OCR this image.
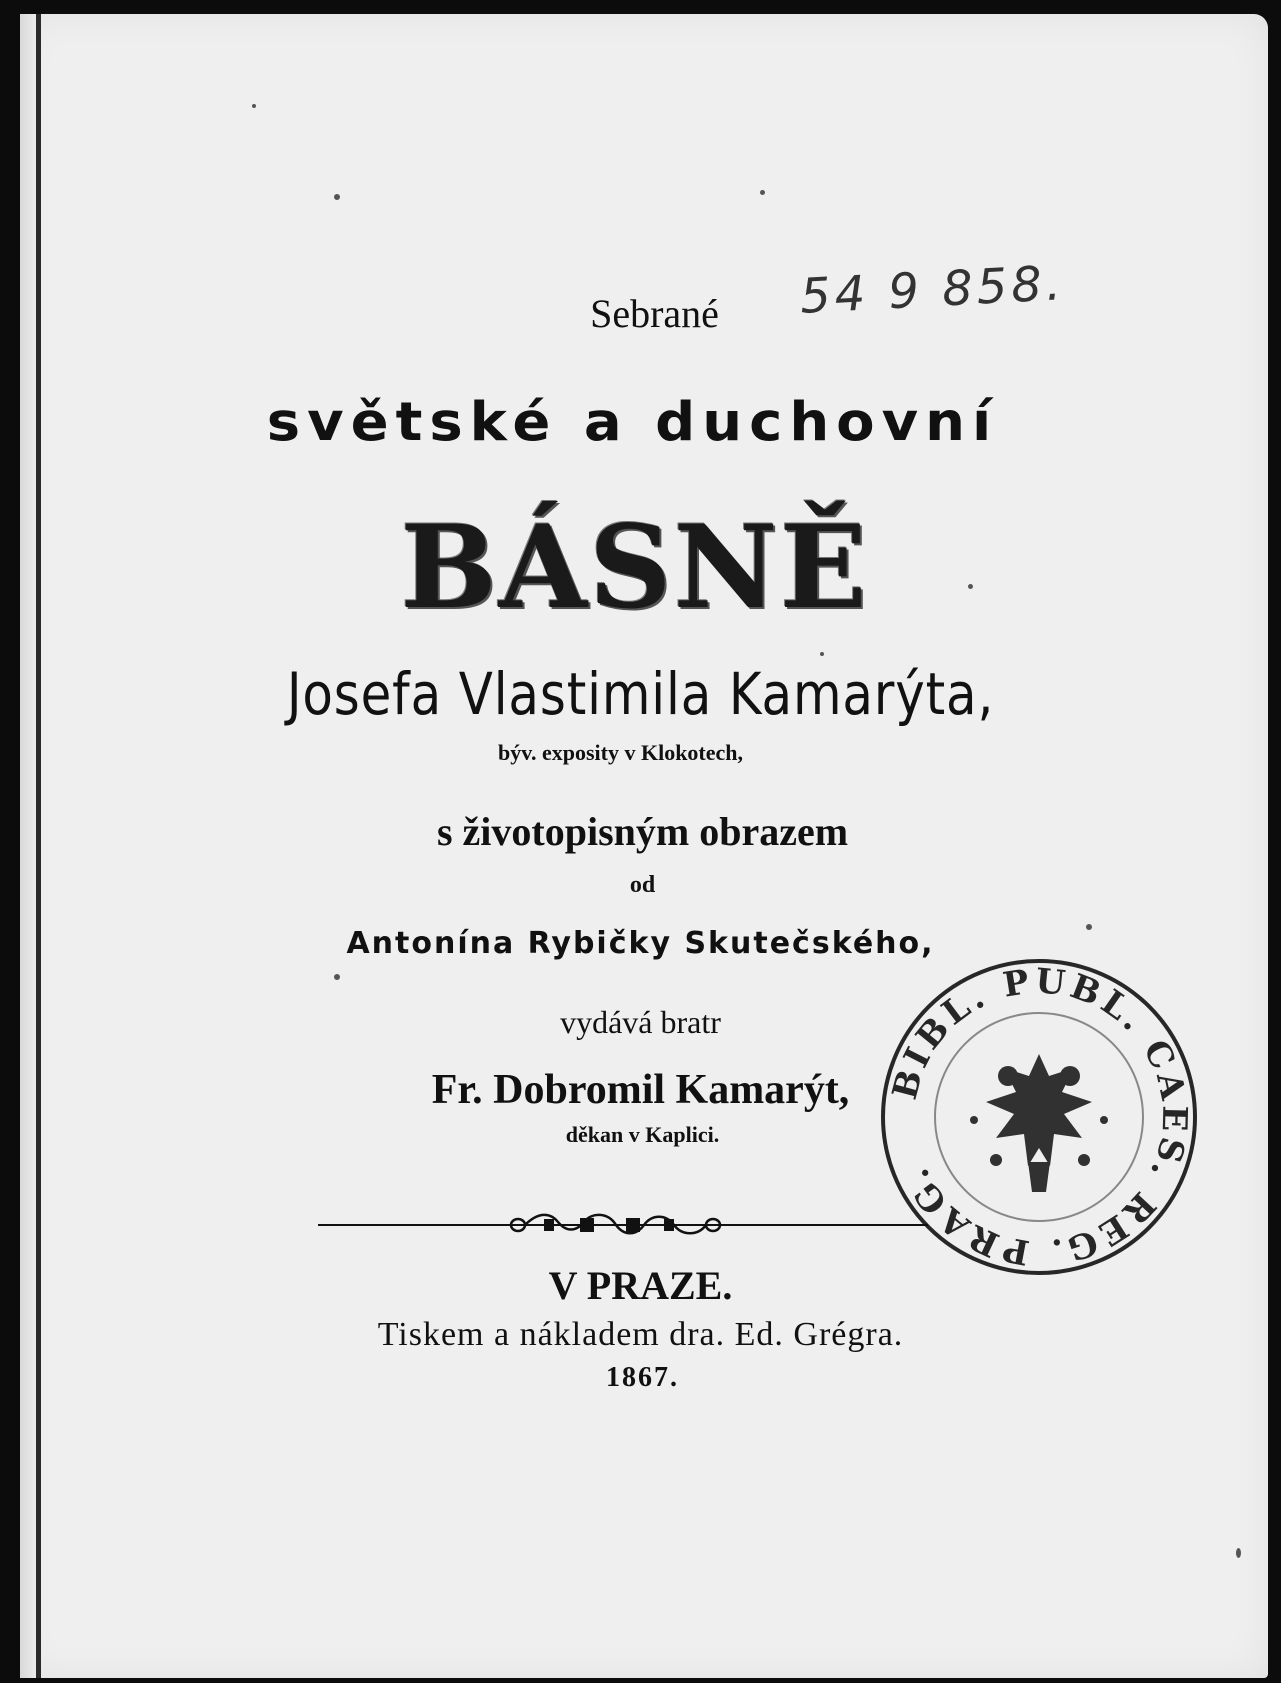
Sebrané	54 9 858.
světské a duchovní
BÁSNĚ
Josefa Vlastimila Kamarýta,
býv. exposity v Klokotech,
s životopisným obrazem
od
Antonína Rybičky Skutečského,
vydává bratr
Fr. Dobromil Kamarýt,
děkan v Kaplici.
V PRAZE.
Tiskem a nákladem dra. Ed. Grégra.
1867.
BIBL. PUBL. CAES. REG. PRAG.
